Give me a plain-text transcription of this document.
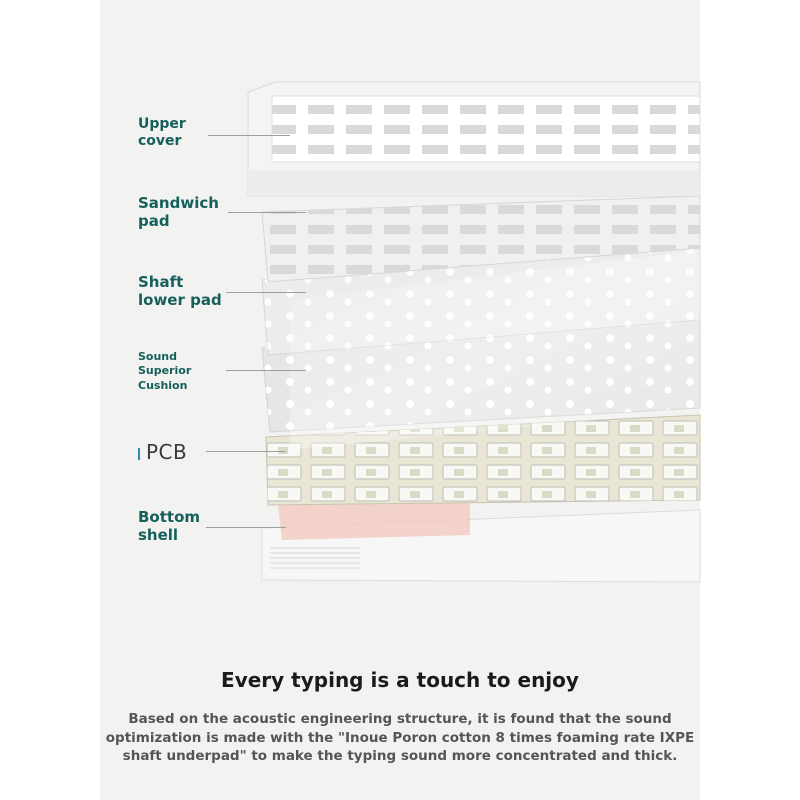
Upper
cover
Sandwich
pad
Shaft
lower pad
Sound
Superior
Cushion
PCB
Bottom
shell
Every typing is a touch to enjoy
Based on the acoustic engineering structure, it is found that the sound optimization is made with the "Inoue Poron cotton 8 times foaming rate IXPE shaft underpad" to make the typing sound more concentrated and thick.
